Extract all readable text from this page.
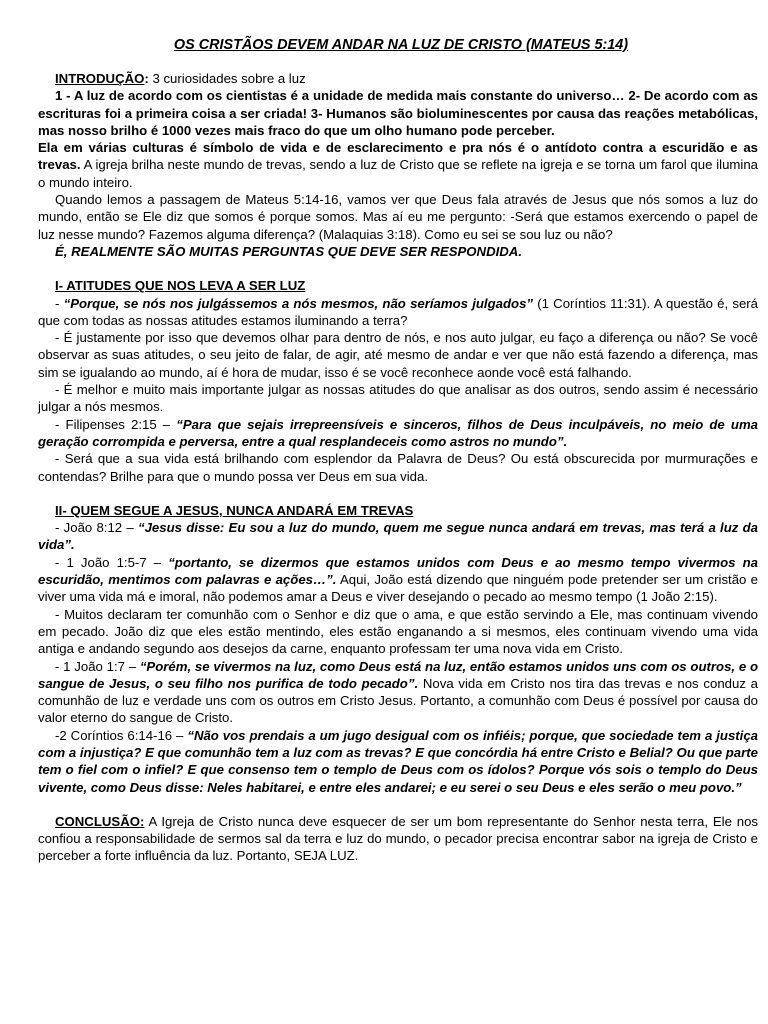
OS CRISTÃOS DEVEM ANDAR NA LUZ DE CRISTO (MATEUS 5:14)

INTRODUÇÃO: 3 curiosidades sobre a luz

1 - A luz de acordo com os cientistas é a unidade de medida mais constante do universo… 2- De acordo com as escrituras foi a primeira coisa a ser criada! 3- Humanos são bioluminescentes por causa das reações metabólicas, mas nosso brilho é 1000 vezes mais fraco do que um olho humano pode perceber.

Ela em várias culturas é símbolo de vida e de esclarecimento e pra nós é o antídoto contra a escuridão e as trevas. A igreja brilha neste mundo de trevas, sendo a luz de Cristo que se reflete na igreja e se torna um farol que ilumina o mundo inteiro.

Quando lemos a passagem de Mateus 5:14-16, vamos ver que Deus fala através de Jesus que nós somos a luz do mundo, então se Ele diz que somos é porque somos. Mas aí eu me pergunto: -Será que estamos exercendo o papel de luz nesse mundo? Fazemos alguma diferença? (Malaquias 3:18). Como eu sei se sou luz ou não?

É, REALMENTE SÃO MUITAS PERGUNTAS QUE DEVE SER RESPONDIDA.

I- ATITUDES QUE NOS LEVA A SER LUZ

- “Porque, se nós nos julgássemos a nós mesmos, não seríamos julgados” (1 Coríntios 11:31). A questão é, será que com todas as nossas atitudes estamos iluminando a terra?

- É justamente por isso que devemos olhar para dentro de nós, e nos auto julgar, eu faço a diferença ou não? Se você observar as suas atitudes, o seu jeito de falar, de agir, até mesmo de andar e ver que não está fazendo a diferença, mas sim se igualando ao mundo, aí é hora de mudar, isso é se você reconhece aonde você está falhando.

- É melhor e muito mais importante julgar as nossas atitudes do que analisar as dos outros, sendo assim é necessário julgar a nós mesmos.

- Filipenses 2:15 – “Para que sejais irrepreensíveis e sinceros, filhos de Deus inculpáveis, no meio de uma geração corrompida e perversa, entre a qual resplandeceis como astros no mundo”.

- Será que a sua vida está brilhando com esplendor da Palavra de Deus? Ou está obscurecida por murmurações e contendas? Brilhe para que o mundo possa ver Deus em sua vida.

II- QUEM SEGUE A JESUS, NUNCA ANDARÁ EM TREVAS

- João 8:12 – “Jesus disse: Eu sou a luz do mundo, quem me segue nunca andará em trevas, mas terá a luz da vida”.

- 1 João 1:5-7 – “portanto, se dizermos que estamos unidos com Deus e ao mesmo tempo vivermos na escuridão, mentimos com palavras e ações…”. Aqui, João está dizendo que ninguém pode pretender ser um cristão e viver uma vida má e imoral, não podemos amar a Deus e viver desejando o pecado ao mesmo tempo (1 João 2:15).

- Muitos declaram ter comunhão com o Senhor e diz que o ama, e que estão servindo a Ele, mas continuam vivendo em pecado. João diz que eles estão mentindo, eles estão enganando a si mesmos, eles continuam vivendo uma vida antiga e andando segundo aos desejos da carne, enquanto professam ter uma nova vida em Cristo.

- 1 João 1:7 – “Porém, se vivermos na luz, como Deus está na luz, então estamos unidos uns com os outros, e o sangue de Jesus, o seu filho nos purifica de todo pecado”. Nova vida em Cristo nos tira das trevas e nos conduz a comunhão de luz e verdade uns com os outros em Cristo Jesus. Portanto, a comunhão com Deus é possível por causa do valor eterno do sangue de Cristo.

-2 Coríntios 6:14-16 – “Não vos prendais a um jugo desigual com os infiéis; porque, que sociedade tem a justiça com a injustiça? E que comunhão tem a luz com as trevas? E que concórdia há entre Cristo e Belial? Ou que parte tem o fiel com o infiel? E que consenso tem o templo de Deus com os ídolos? Porque vós sois o templo do Deus vivente, como Deus disse: Neles habitarei, e entre eles andarei; e eu serei o seu Deus e eles serão o meu povo.”

CONCLUSÃO: A Igreja de Cristo nunca deve esquecer de ser um bom representante do Senhor nesta terra, Ele nos confiou a responsabilidade de sermos sal da terra e luz do mundo, o pecador precisa encontrar sabor na igreja de Cristo e perceber a forte influência da luz. Portanto, SEJA LUZ.
